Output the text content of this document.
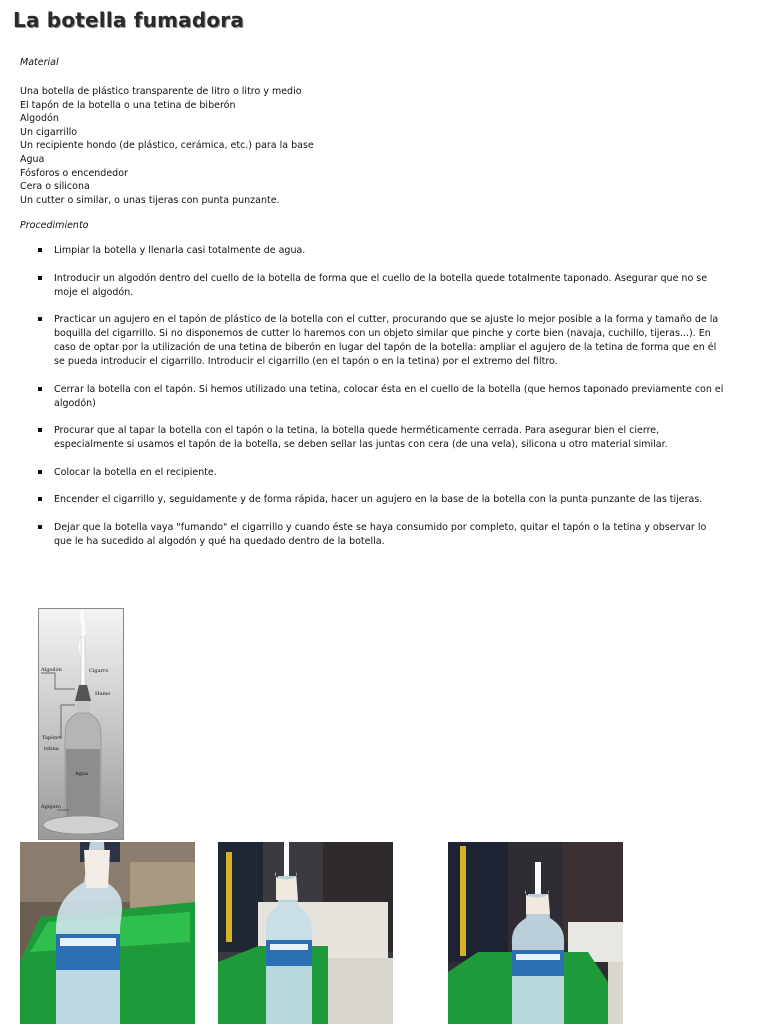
La botella fumadora
Material
Una botella de plástico transparente de litro o litro y medio
El tapón de la botella o una tetina de biberón
Algodón
Un cigarrillo
Un recipiente hondo (de plástico, cerámica, etc.) para la base
Agua
Fósforos o encendedor
Cera o silicona
Un cutter o similar, o unas tijeras con punta punzante.
Procedimiento
Limpiar la botella y llenarla casi totalmente de agua.
Introducir un algodón dentro del cuello de la botella de forma que el cuello de la botella quede totalmente taponado. Asegurar que no se moje el algodón.
Practicar un agujero en el tapón de plástico de la botella con el cutter, procurando que se ajuste lo mejor posible a la forma y tamaño de la boquilla del cigarrillo. Si no disponemos de cutter lo haremos con un objeto similar que pinche y corte bien (navaja, cuchillo, tijeras...). En caso de optar por la utilización de una tetina de biberón en lugar del tapón de la botella: ampliar el agujero de la tetina de forma que en él se pueda introducir el cigarrillo. Introducir el cigarrillo (en el tapón o en la tetina) por el extremo del filtro.
Cerrar la botella con el tapón. Si hemos utilizado una tetina, colocar ésta en el cuello de la botella (que hemos taponado previamente con el algodón)
Procurar que al tapar la botella con el tapón o la tetina, la botella quede herméticamente cerrada. Para asegurar bien el cierre, especialmente si usamos el tapón de la botella, se deben sellar las juntas con cera (de una vela), silicona u otro material similar.
Colocar la botella en el recipiente.
Encender el cigarrillo y, seguidamente y de forma rápida, hacer un agujero en la base de la botella con la punta punzante de las tijeras.
Dejar que la botella vaya "fumando" el cigarrillo y cuando éste se haya consumido por completo, quitar el tapón o la tetina y observar lo que le ha sucedido al algodón y qué ha quedado dentro de la botella.
Algodón	Cigarro
Humo
Tapón o
tetina
Agua
Agujero
